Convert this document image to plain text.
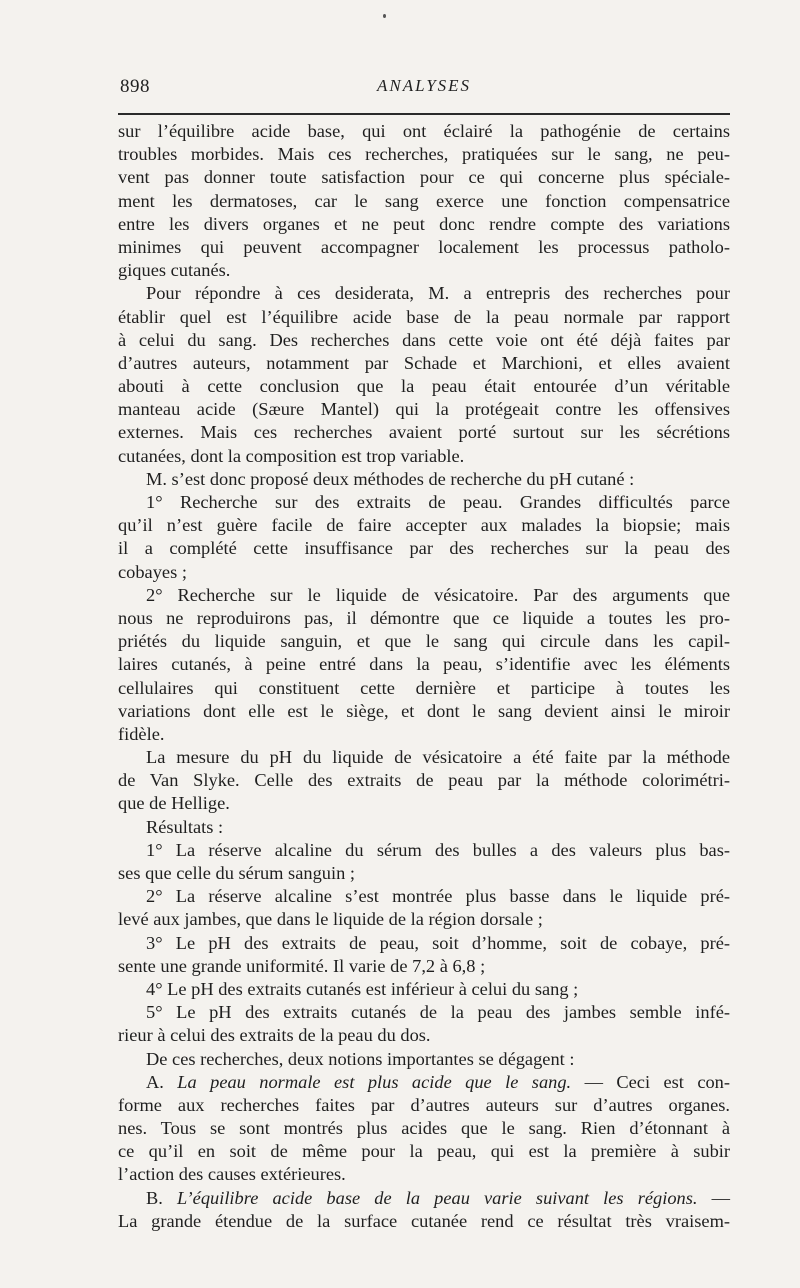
898	ANALYSES
sur l’équilibre acide base, qui ont éclairé la pathogénie de certains
troubles morbides. Mais ces recherches, pratiquées sur le sang, ne peu-
vent pas donner toute satisfaction pour ce qui concerne plus spéciale-
ment les dermatoses, car le sang exerce une fonction compensatrice
entre les divers organes et ne peut donc rendre compte des variations
minimes qui peuvent accompagner localement les processus patholo-
giques cutanés.
Pour répondre à ces desiderata, M. a entrepris des recherches pour
établir quel est l’équilibre acide base de la peau normale par rapport
à celui du sang. Des recherches dans cette voie ont été déjà faites par
d’autres auteurs, notamment par Schade et Marchioni, et elles avaient
abouti à cette conclusion que la peau était entourée d’un véritable
manteau acide (Sæure Mantel) qui la protégeait contre les offensives
externes. Mais ces recherches avaient porté surtout sur les sécrétions
cutanées, dont la composition est trop variable.
M. s’est donc proposé deux méthodes de recherche du pH cutané :
1° Recherche sur des extraits de peau. Grandes difficultés parce
qu’il n’est guère facile de faire accepter aux malades la biopsie; mais
il a complété cette insuffisance par des recherches sur la peau des
cobayes ;
2° Recherche sur le liquide de vésicatoire. Par des arguments que
nous ne reproduirons pas, il démontre que ce liquide a toutes les pro-
priétés du liquide sanguin, et que le sang qui circule dans les capil-
laires cutanés, à peine entré dans la peau, s’identifie avec les éléments
cellulaires qui constituent cette dernière et participe à toutes les
variations dont elle est le siège, et dont le sang devient ainsi le miroir
fidèle.
La mesure du pH du liquide de vésicatoire a été faite par la méthode
de Van Slyke. Celle des extraits de peau par la méthode colorimétri-
que de Hellige.
Résultats :
1° La réserve alcaline du sérum des bulles a des valeurs plus bas-
ses que celle du sérum sanguin ;
2° La réserve alcaline s’est montrée plus basse dans le liquide pré-
levé aux jambes, que dans le liquide de la région dorsale ;
3° Le pH des extraits de peau, soit d’homme, soit de cobaye, pré-
sente une grande uniformité. Il varie de 7,2 à 6,8 ;
4° Le pH des extraits cutanés est inférieur à celui du sang ;
5° Le pH des extraits cutanés de la peau des jambes semble infé-
rieur à celui des extraits de la peau du dos.
De ces recherches, deux notions importantes se dégagent :
A. La peau normale est plus acide que le sang. — Ceci est con-
forme aux recherches faites par d’autres auteurs sur d’autres organes.
nes. Tous se sont montrés plus acides que le sang. Rien d’étonnant à
ce qu’il en soit de même pour la peau, qui est la première à subir
l’action des causes extérieures.
B. L’équilibre acide base de la peau varie suivant les régions. —
La grande étendue de la surface cutanée rend ce résultat très vraisem-
